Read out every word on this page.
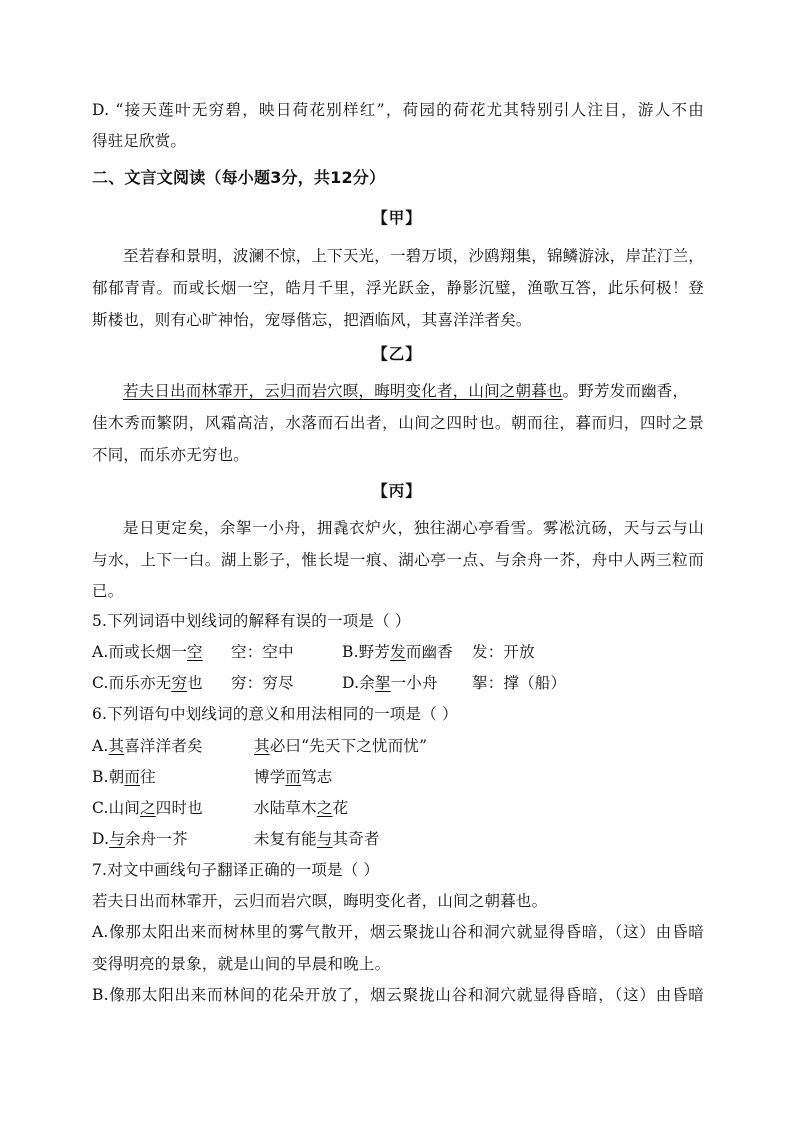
D. “接天莲叶无穷碧，映日荷花别样红”，荷园的荷花尤其特别引人注目，游人不由
得驻足欣赏。
二、文言文阅读（每小题3分，共12分）
【甲】
至若春和景明，波澜不惊，上下天光，一碧万顷，沙鸥翔集，锦鳞游泳，岸芷汀兰，
郁郁青青。而或长烟一空，皓月千里，浮光跃金，静影沉璧，渔歌互答，此乐何极！登
斯楼也，则有心旷神怡，宠辱偕忘，把酒临风，其喜洋洋者矣。
【乙】
若夫日出而林霏开，云归而岩穴暝，晦明变化者，山间之朝暮也。野芳发而幽香，
佳木秀而繁阴，风霜高洁，水落而石出者，山间之四时也。朝而往，暮而归，四时之景
不同，而乐亦无穷也。
【丙】
是日更定矣，余挐一小舟，拥毳衣炉火，独往湖心亭看雪。雾凇沆砀，天与云与山
与水，上下一白。湖上影子，惟长堤一痕、湖心亭一点、与余舟一芥，舟中人两三粒而
已。
5.下列词语中划线词的解释有误的一项是（ ）
A.而或长烟一空 空：空中	B.野芳发而幽香 发：开放
C.而乐亦无穷也 穷：穷尽	D.余挐一小舟 挐：撑（船）
6.下列语句中划线词的意义和用法相同的一项是（ ）
A.其喜洋洋者矣	其必曰“先天下之忧而忧”
B.朝而往	博学而笃志
C.山间之四时也	水陆草木之花
D.与余舟一芥	未复有能与其奇者
7.对文中画线句子翻译正确的一项是（ ）
若夫日出而林霏开，云归而岩穴暝，晦明变化者，山间之朝暮也。
A.像那太阳出来而树林里的雾气散开，烟云聚拢山谷和洞穴就显得昏暗，（这）由昏暗
变得明亮的景象，就是山间的早晨和晚上。
B.像那太阳出来而林间的花朵开放了，烟云聚拢山谷和洞穴就显得昏暗，（这）由昏暗
